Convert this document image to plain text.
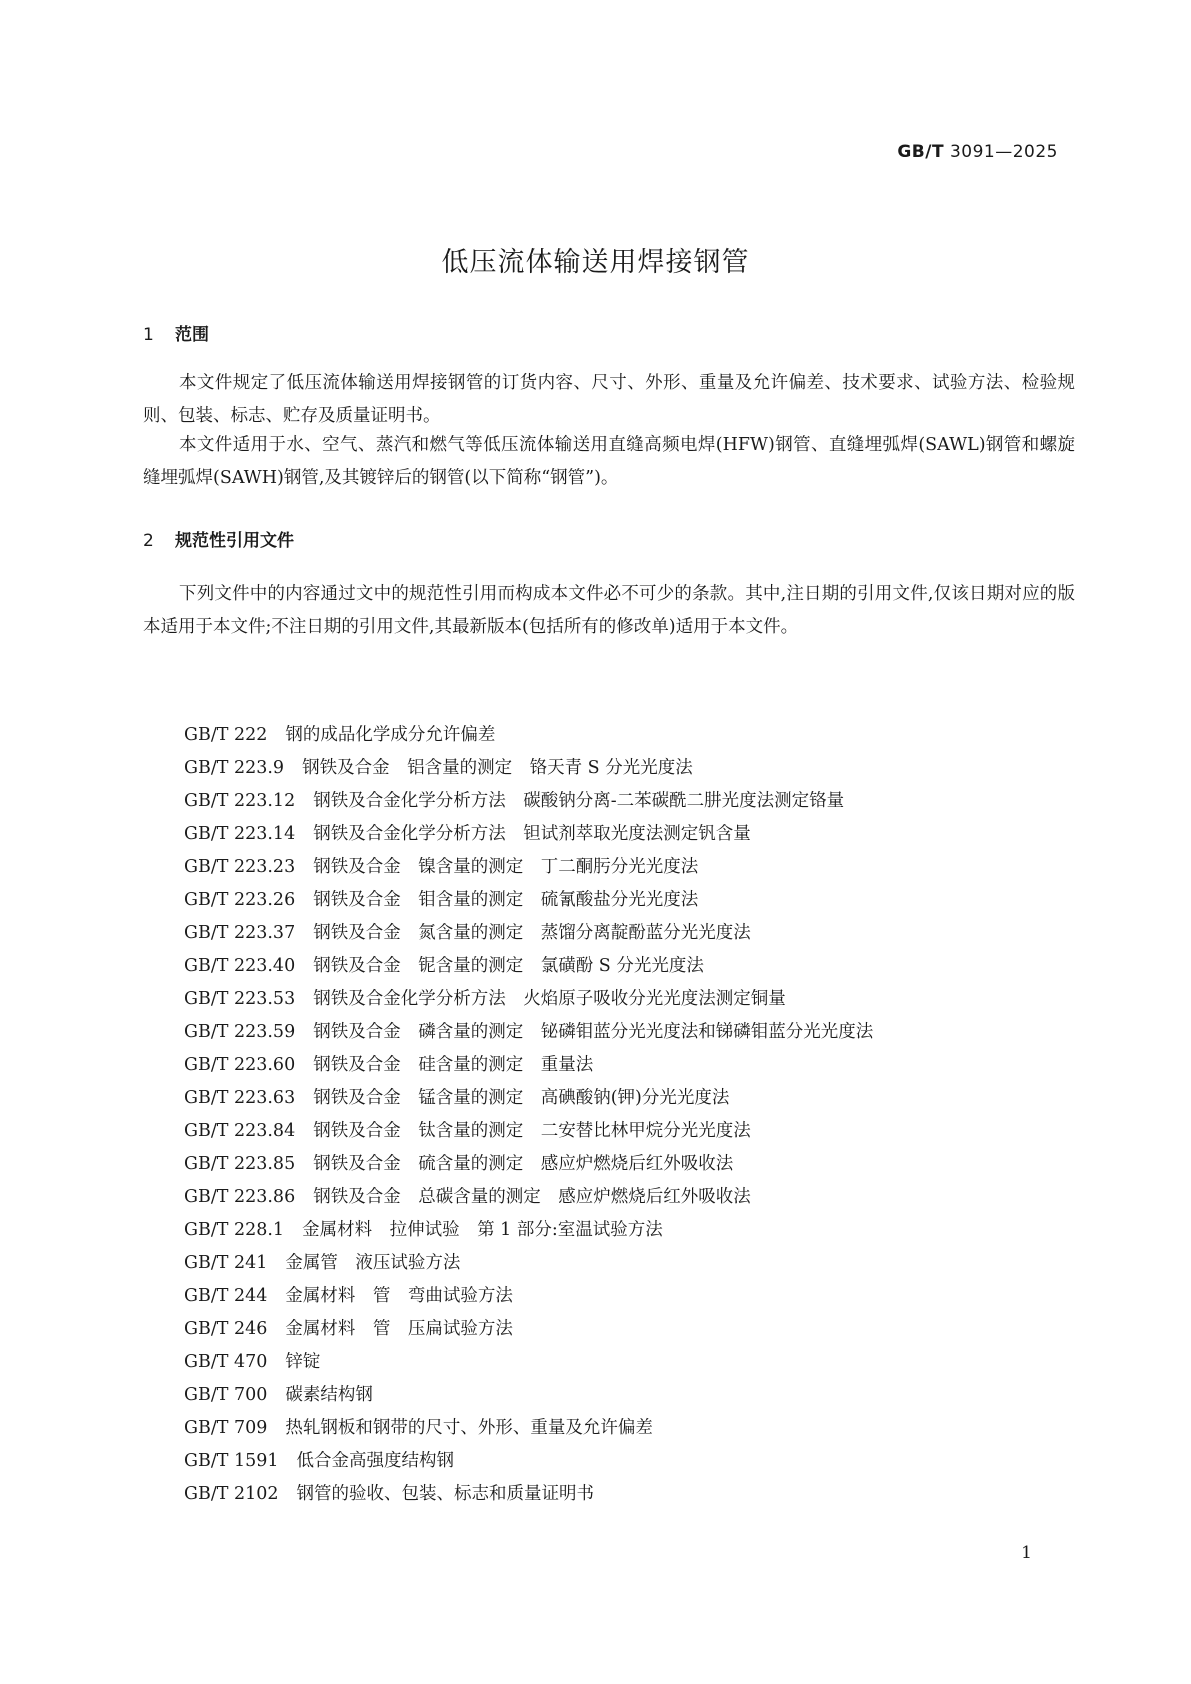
GB/T 3091—2025
低压流体输送用焊接钢管
1 范围

本文件规定了低压流体输送用焊接钢管的订货内容、尺寸、外形、重量及允许偏差、技术要求、试验方法、检验规则、包装、标志、贮存及质量证明书。

本文件适用于水、空气、蒸汽和燃气等低压流体输送用直缝高频电焊(HFW)钢管、直缝埋弧焊(SAWL)钢管和螺旋缝埋弧焊(SAWH)钢管,及其镀锌后的钢管(以下简称“钢管”)。

2 规范性引用文件

下列文件中的内容通过文中的规范性引用而构成本文件必不可少的条款。其中,注日期的引用文件,仅该日期对应的版本适用于本文件;不注日期的引用文件,其最新版本(包括所有的修改单)适用于本文件。

GB/T 222 钢的成品化学成分允许偏差
GB/T 223.9 钢铁及合金　铝含量的测定　铬天青 S 分光光度法
GB/T 223.12 钢铁及合金化学分析方法　碳酸钠分离-二苯碳酰二肼光度法测定铬量
GB/T 223.14 钢铁及合金化学分析方法　钽试剂萃取光度法测定钒含量
GB/T 223.23 钢铁及合金　镍含量的测定　丁二酮肟分光光度法
GB/T 223.26 钢铁及合金　钼含量的测定　硫氰酸盐分光光度法
GB/T 223.37 钢铁及合金　氮含量的测定　蒸馏分离靛酚蓝分光光度法
GB/T 223.40 钢铁及合金　铌含量的测定　氯磺酚 S 分光光度法
GB/T 223.53 钢铁及合金化学分析方法　火焰原子吸收分光光度法测定铜量
GB/T 223.59 钢铁及合金　磷含量的测定　铋磷钼蓝分光光度法和锑磷钼蓝分光光度法
GB/T 223.60 钢铁及合金　硅含量的测定　重量法
GB/T 223.63 钢铁及合金　锰含量的测定　高碘酸钠(钾)分光光度法
GB/T 223.84 钢铁及合金　钛含量的测定　二安替比林甲烷分光光度法
GB/T 223.85 钢铁及合金　硫含量的测定　感应炉燃烧后红外吸收法
GB/T 223.86 钢铁及合金　总碳含量的测定　感应炉燃烧后红外吸收法
GB/T 228.1 金属材料　拉伸试验　第 1 部分:室温试验方法
GB/T 241 金属管　液压试验方法
GB/T 244 金属材料　管　弯曲试验方法
GB/T 246 金属材料　管　压扁试验方法
GB/T 470 锌锭
GB/T 700 碳素结构钢
GB/T 709 热轧钢板和钢带的尺寸、外形、重量及允许偏差
GB/T 1591 低合金高强度结构钢
GB/T 2102 钢管的验收、包装、标志和质量证明书
1
